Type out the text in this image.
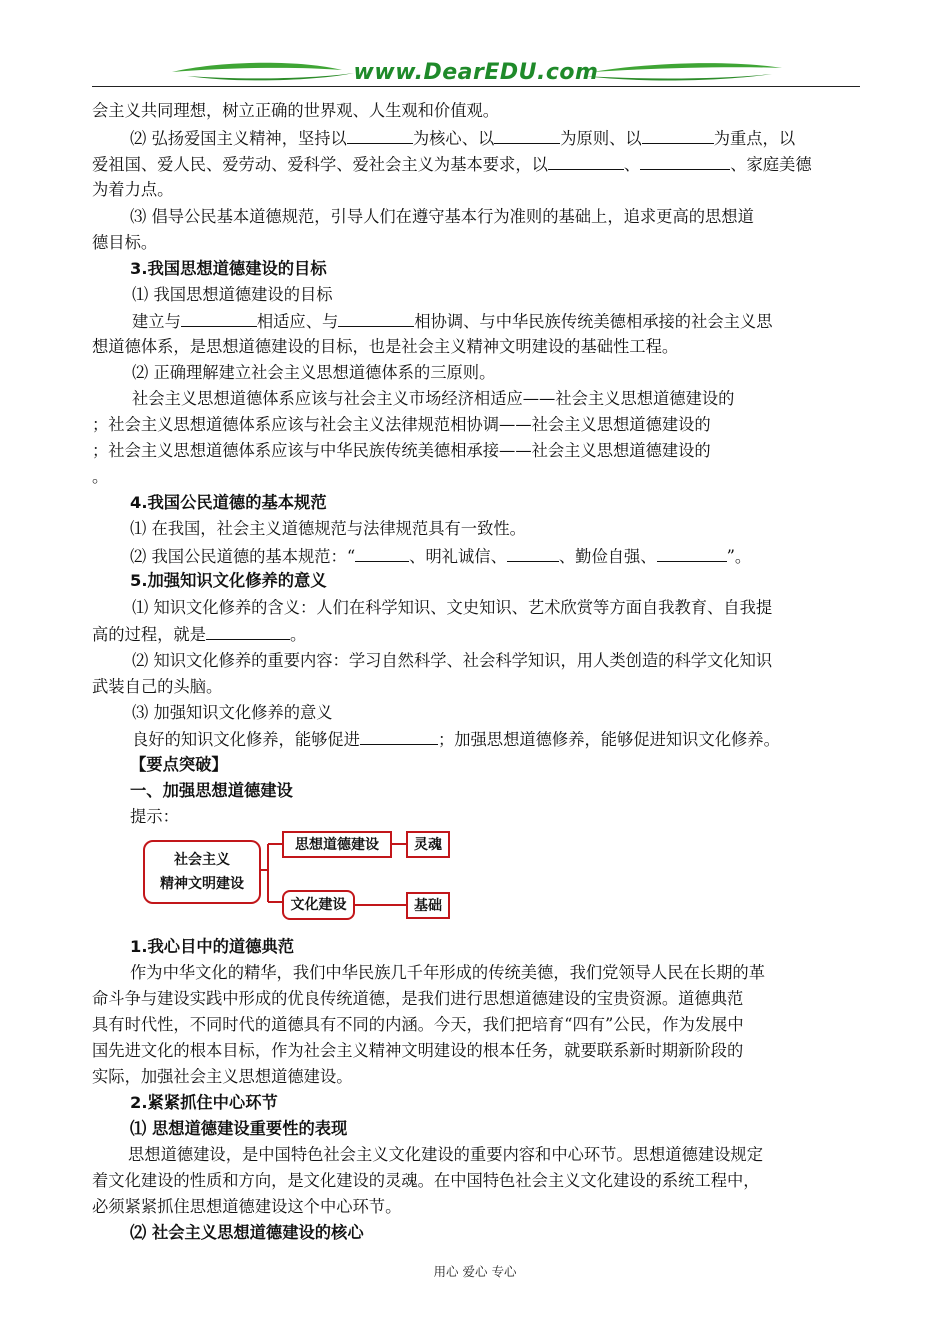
www.DearEDU.com
会主义共同理想，树立正确的世界观、人生观和价值观。
⑵ 弘扬爱国主义精神，坚持以	为核心、以	为原则、以	为重点，以
爱祖国、爱人民、爱劳动、爱科学、爱社会主义为基本要求，以	、	、家庭美德
为着力点。
⑶ 倡导公民基本道德规范，引导人们在遵守基本行为准则的基础上，追求更高的思想道
德目标。
3.我国思想道德建设的目标
⑴ 我国思想道德建设的目标
建立与	相适应、与	相协调、与中华民族传统美德相承接的社会主义思
想道德体系，是思想道德建设的目标，也是社会主义精神文明建设的基础性工程。
⑵ 正确理解建立社会主义思想道德体系的三原则。
社会主义思想道德体系应该与社会主义市场经济相适应——社会主义思想道德建设的
；社会主义思想道德体系应该与社会主义法律规范相协调——社会主义思想道德建设的
；社会主义思想道德体系应该与中华民族传统美德相承接——社会主义思想道德建设的
。
4.我国公民道德的基本规范
⑴ 在我国，社会主义道德规范与法律规范具有一致性。
⑵ 我国公民道德的基本规范：“	、明礼诚信、	、勤俭自强、	”。
5.加强知识文化修养的意义
⑴ 知识文化修养的含义：人们在科学知识、文史知识、艺术欣赏等方面自我教育、自我提
高的过程，就是	。
⑵ 知识文化修养的重要内容：学习自然科学、社会科学知识，用人类创造的科学文化知识
武装自己的头脑。
⑶ 加强知识文化修养的意义
良好的知识文化修养，能够促进	；加强思想道德修养，能够促进知识文化修养。
【要点突破】
一、加强思想道德建设
提示：
社会主义
精神文明建设
思想道德建设	灵魂
文化建设	基础
1.我心目中的道德典范
作为中华文化的精华，我们中华民族几千年形成的传统美德，我们党领导人民在长期的革
命斗争与建设实践中形成的优良传统道德，是我们进行思想道德建设的宝贵资源。道德典范
具有时代性，不同时代的道德具有不同的内涵。今天，我们把培育“四有”公民，作为发展中
国先进文化的根本目标，作为社会主义精神文明建设的根本任务，就要联系新时期新阶段的
实际，加强社会主义思想道德建设。
2.紧紧抓住中心环节
⑴ 思想道德建设重要性的表现
思想道德建设，是中国特色社会主义文化建设的重要内容和中心环节。思想道德建设规定
着文化建设的性质和方向，是文化建设的灵魂。在中国特色社会主义文化建设的系统工程中，
必须紧紧抓住思想道德建设这个中心环节。
⑵ 社会主义思想道德建设的核心
用心 爱心 专心
